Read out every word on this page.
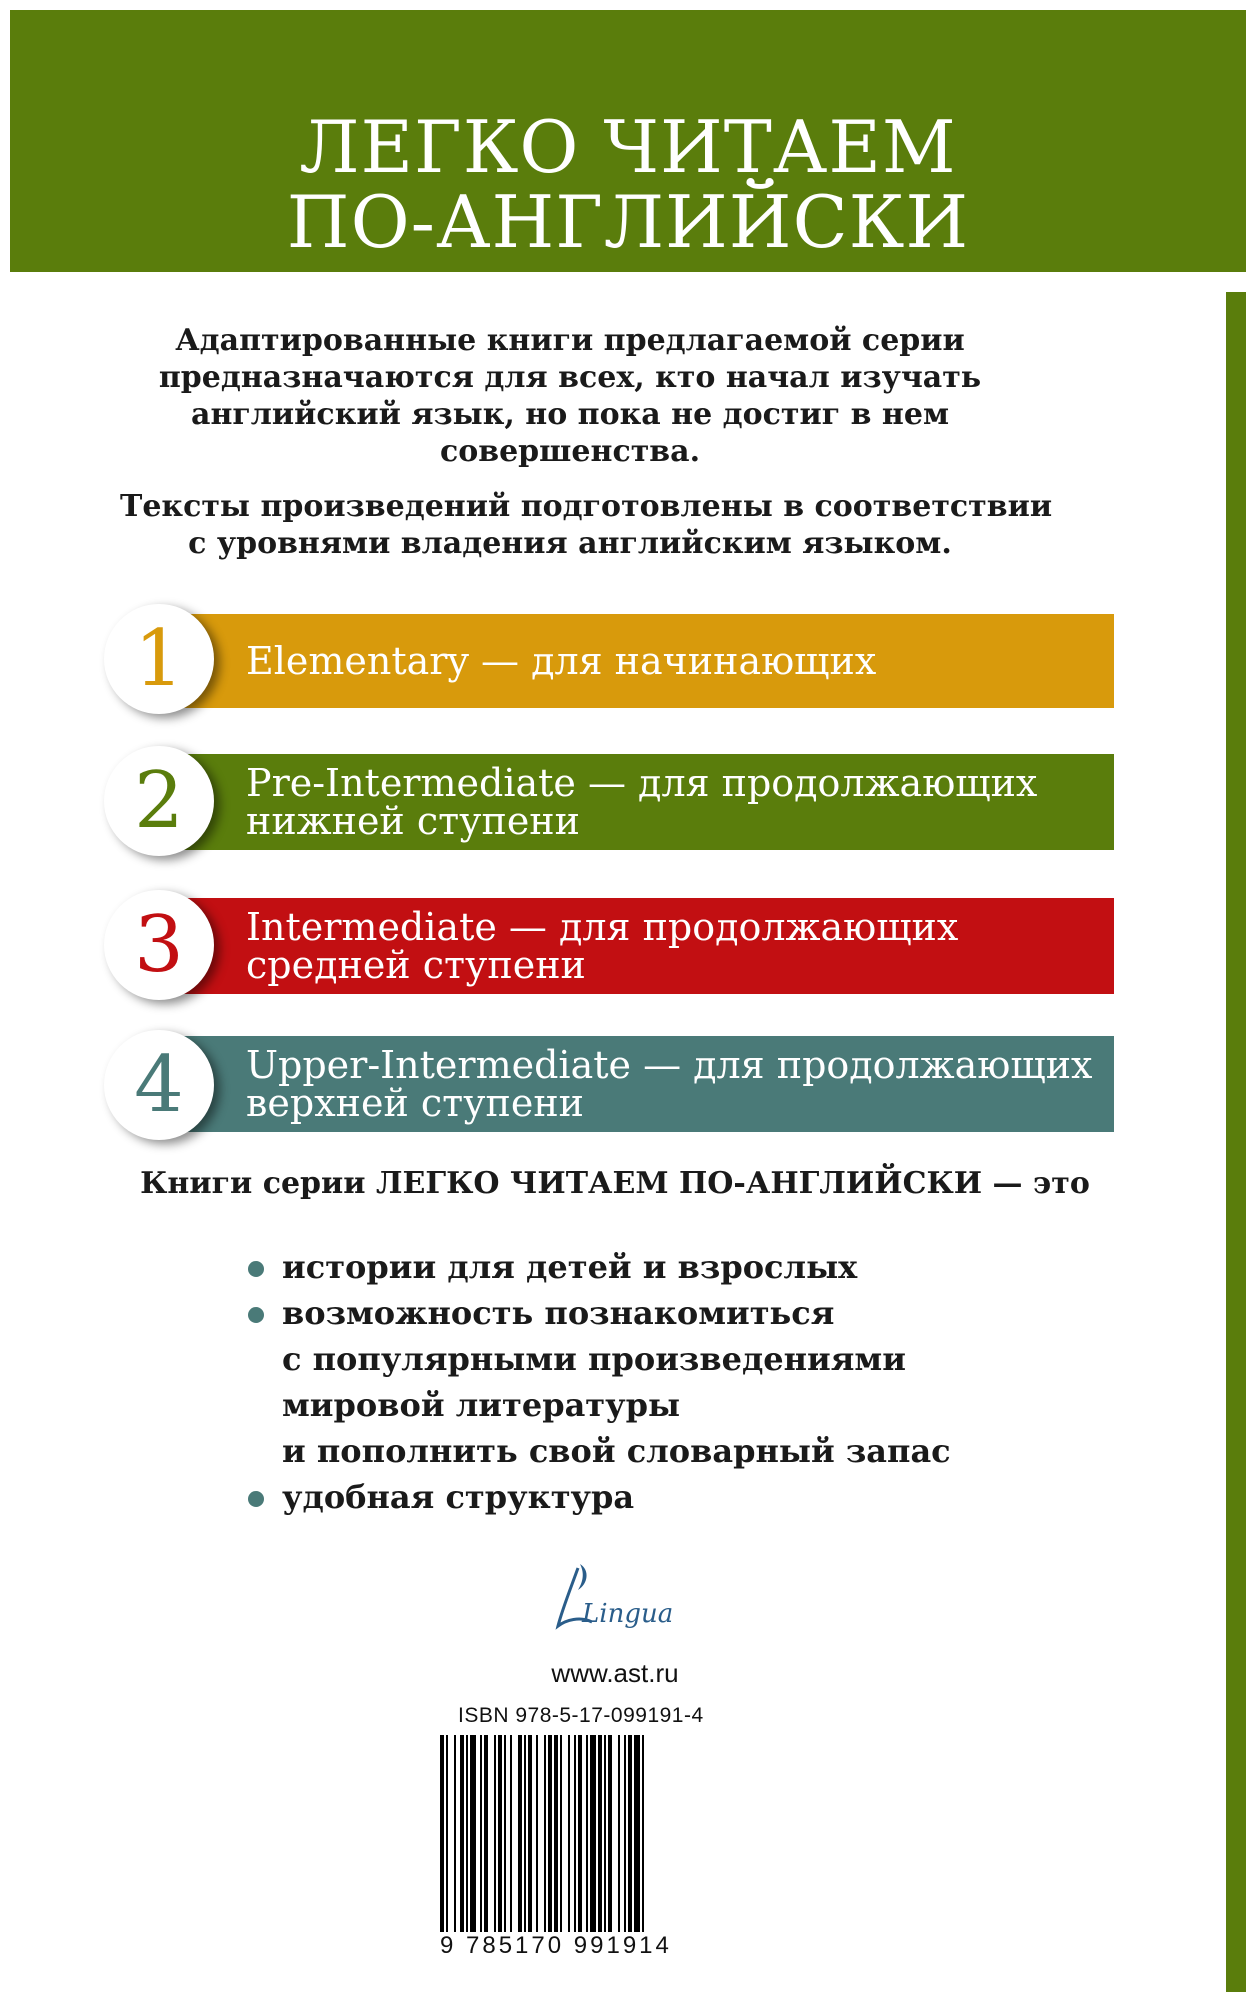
ЛЕГКО ЧИТАЕМ
ПО-АНГЛИЙСКИ
Адаптированные книги предлагаемой серии
предназначаются для всех, кто начал изучать
английский язык, но пока не достиг в нем
совершенства.
Тексты произведений подготовлены в соответствии
с уровнями владения английским языком.
Elementary — для начинающих
1
Pre-Intermediate — для продолжающих
нижней ступени
2
Intermediate — для продолжающих
средней ступени
3
Upper-Intermediate — для продолжающих
верхней ступени
4
Книги серии ЛЕГКО ЧИТАЕМ ПО-АНГЛИЙСКИ — это
истории для детей и взрослых
возможность познакомиться
с популярными произведениями
мировой литературы
и пополнить свой словарный запас
удобная структура
Lingua
www.ast.ru
ISBN 978-5-17-099191-4
9 785170 991914
